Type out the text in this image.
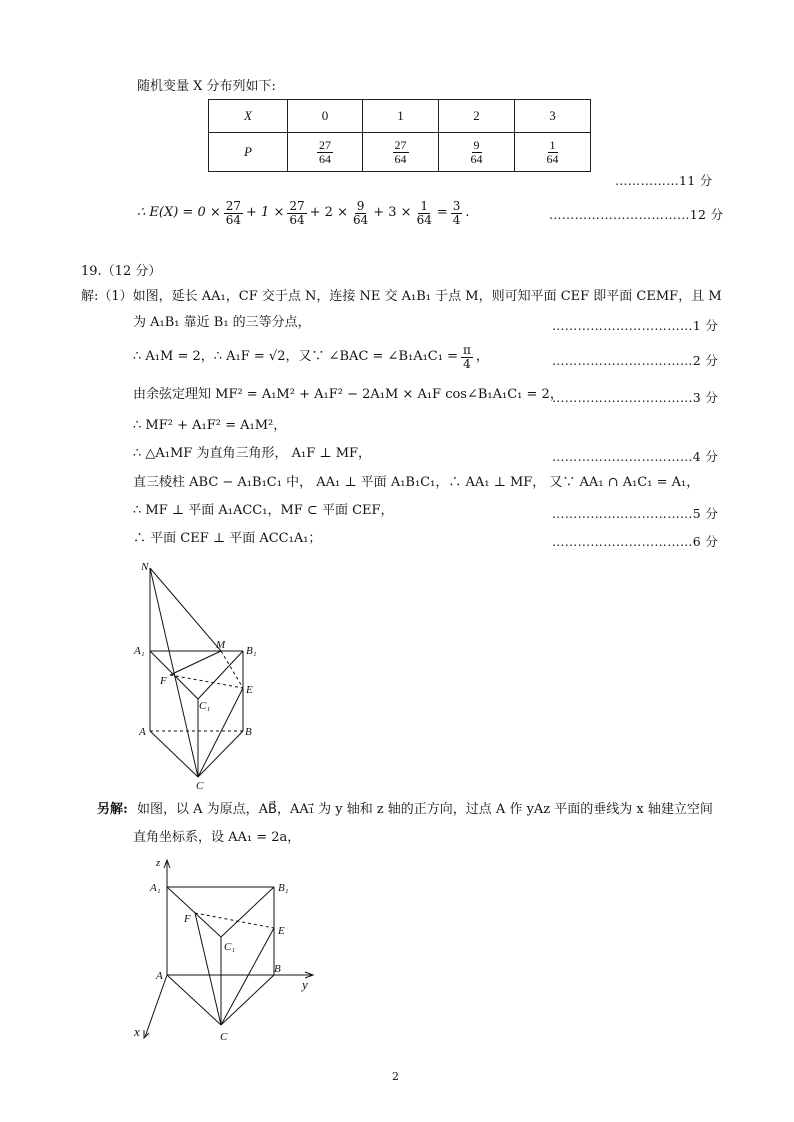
随机变量 X 分布列如下:
X	0	1	2	3
P	$\frac{27}{64}$	$\frac{27}{64}$	$\frac{9}{64}$	$\frac{1}{64}$
……………11 分
∴ $E(X) = 0 \times \frac{27}{64} + 1 \times \frac{27}{64} + 2 \times \frac{9}{64} + 3 \times \frac{1}{64} = \frac{3}{4}$ .	……………………………12 分
19.（12 分）
解:（1）如图，延长 AA₁，CF 交于点 N，连接 NE 交 A₁B₁ 于点 M，则可知平面 CEF 即平面 CEMF，且 M
为 A₁B₁ 靠近 B₁ 的三等分点，	……………………………1 分
∴ A₁M = 2，∴ A₁F = √2，又∵ ∠BAC = ∠B₁A₁C₁ = $\frac{\pi}{4}$ ，	……………………………2 分
由余弦定理知 MF² = A₁M² + A₁F² − 2A₁M × A₁F cos∠B₁A₁C₁ = 2，
……………………………3 分
∴ MF² + A₁F² = A₁M²，
∴ △A₁MF 为直角三角形， A₁F ⊥ MF，	……………………………4 分
直三棱柱 ABC − A₁B₁C₁ 中， AA₁ ⊥ 平面 A₁B₁C₁，∴ AA₁ ⊥ MF， 又∵ AA₁ ∩ A₁C₁ = A₁，
∴ MF ⊥ 平面 A₁ACC₁，MF ⊂ 平面 CEF，	……………………………5 分
∴ 平面 CEF ⊥ 平面 ACC₁A₁；	……………………………6 分
N
M
A₁	B₁
F
E
C₁
A	B
C
另解: 如图，以 A 为原点，AB⃗，AA₁⃗ 为 y 轴和 z 轴的正方向，过点 A 作 yAz 平面的垂线为 x 轴建立空间
直角坐标系，设 AA₁ = 2a，
z
A₁	B₁
F
E
C₁
A
B
y
x	C
2
